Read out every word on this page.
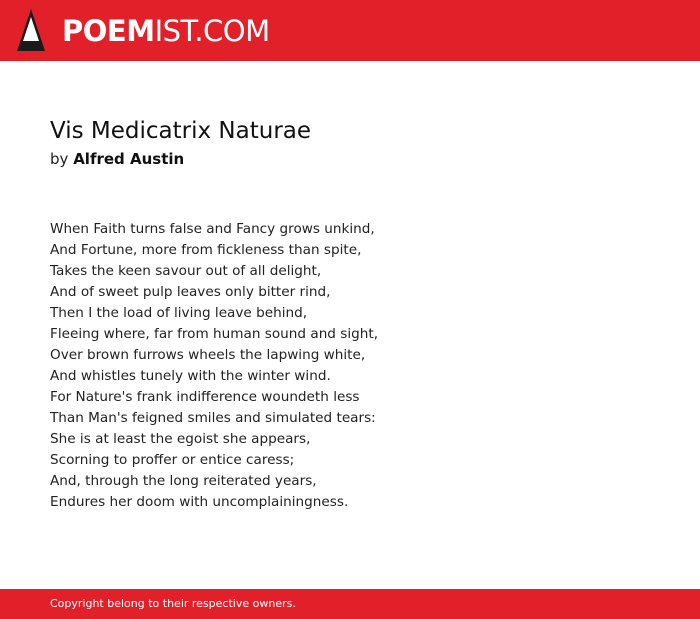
POEMIST.COM
Vis Medicatrix Naturae
by Alfred Austin
When Faith turns false and Fancy grows unkind,
And Fortune, more from fickleness than spite,
Takes the keen savour out of all delight,
And of sweet pulp leaves only bitter rind,
Then I the load of living leave behind,
Fleeing where, far from human sound and sight,
Over brown furrows wheels the lapwing white,
And whistles tunely with the winter wind.
For Nature's frank indifference woundeth less
Than Man's feigned smiles and simulated tears:
She is at least the egoist she appears,
Scorning to proffer or entice caress;
And, through the long reiterated years,
Endures her doom with uncomplainingness.
Copyright belong to their respective owners.
